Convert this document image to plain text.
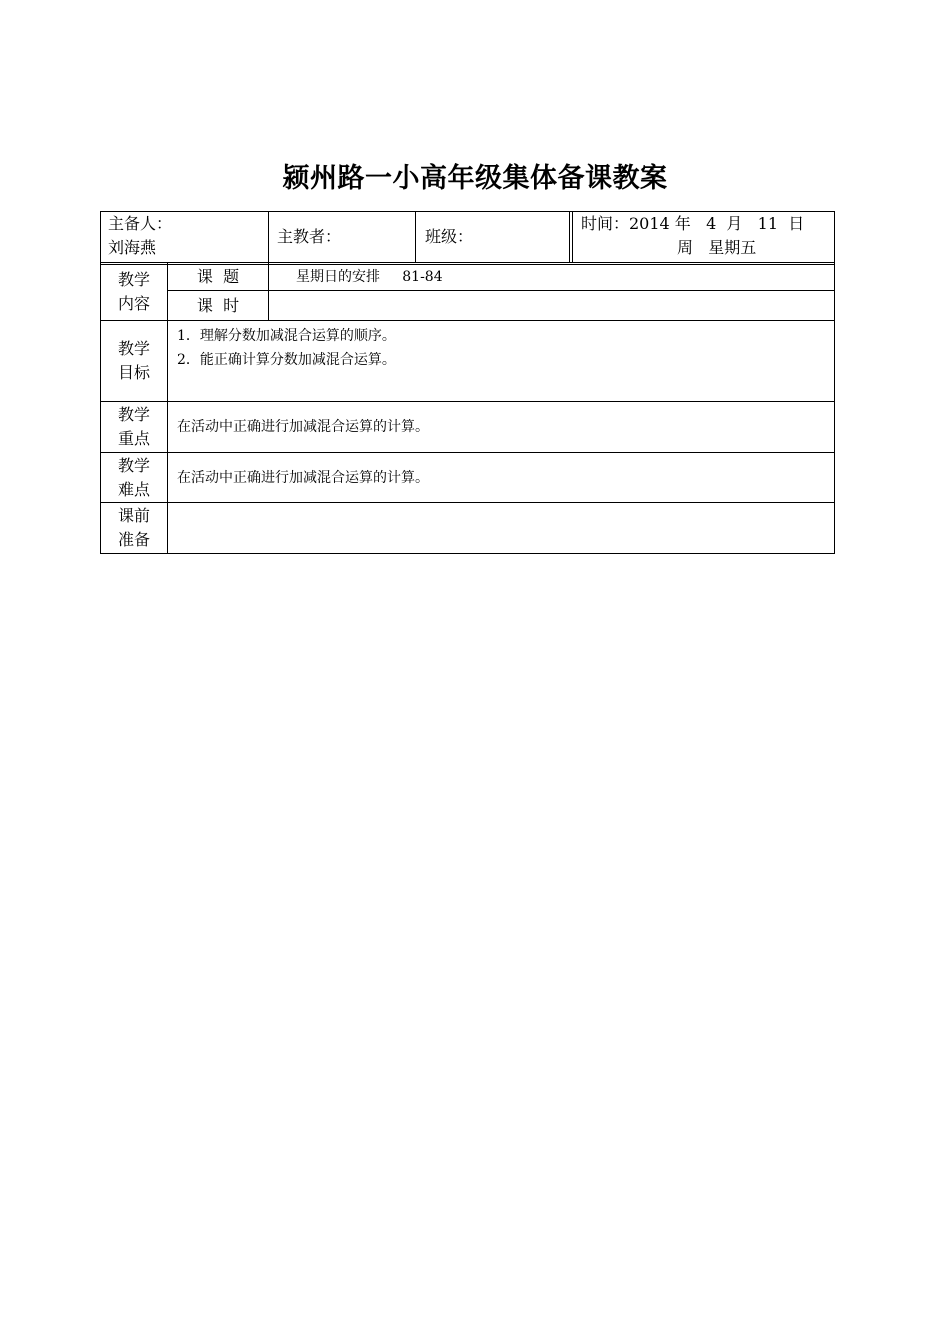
颍州路一小高年级集体备课教案
主备人：
刘海燕
主教者：	班级：
时间：2014 年   4  月   11  日
周   星期五
教学
内容
课  题	星期日的安排     81-84
课  时
教学
目标
1．理解分数加减混合运算的顺序。
2．能正确计算分数加减混合运算。
教学
重点
在活动中正确进行加减混合运算的计算。
教学
难点
在活动中正确进行加减混合运算的计算。
课前
准备
